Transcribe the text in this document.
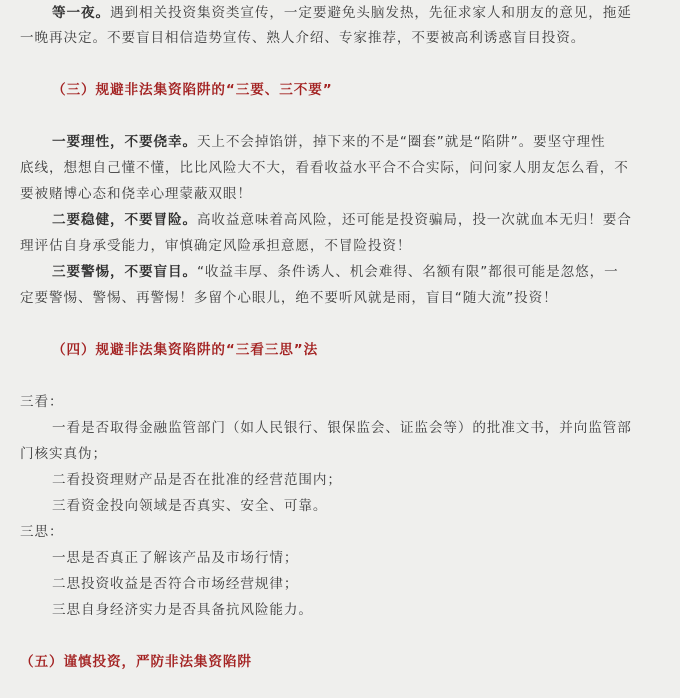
等一夜。遇到相关投资集资类宣传，一定要避免头脑发热，先征求家人和朋友的意见，拖延
一晚再决定。不要盲目相信造势宣传、熟人介绍、专家推荐，不要被高利诱惑盲目投资。
（三）规避非法集资陷阱的“三要、三不要”
一要理性，不要侥幸。天上不会掉馅饼，掉下来的不是“圈套”就是“陷阱”。要坚守理性
底线，想想自己懂不懂，比比风险大不大，看看收益水平合不合实际，问问家人朋友怎么看，不
要被赌博心态和侥幸心理蒙蔽双眼！
二要稳健，不要冒险。高收益意味着高风险，还可能是投资骗局，投一次就血本无归！要合
理评估自身承受能力，审慎确定风险承担意愿，不冒险投资！
三要警惕，不要盲目。“收益丰厚、条件诱人、机会难得、名额有限”都很可能是忽悠，一
定要警惕、警惕、再警惕！多留个心眼儿，绝不要听风就是雨，盲目“随大流”投资！
（四）规避非法集资陷阱的“三看三思”法
三看：
一看是否取得金融监管部门（如人民银行、银保监会、证监会等）的批准文书，并向监管部
门核实真伪；
二看投资理财产品是否在批准的经营范围内；
三看资金投向领域是否真实、安全、可靠。
三思：
一思是否真正了解该产品及市场行情；
二思投资收益是否符合市场经营规律；
三思自身经济实力是否具备抗风险能力。
（五）谨慎投资，严防非法集资陷阱
